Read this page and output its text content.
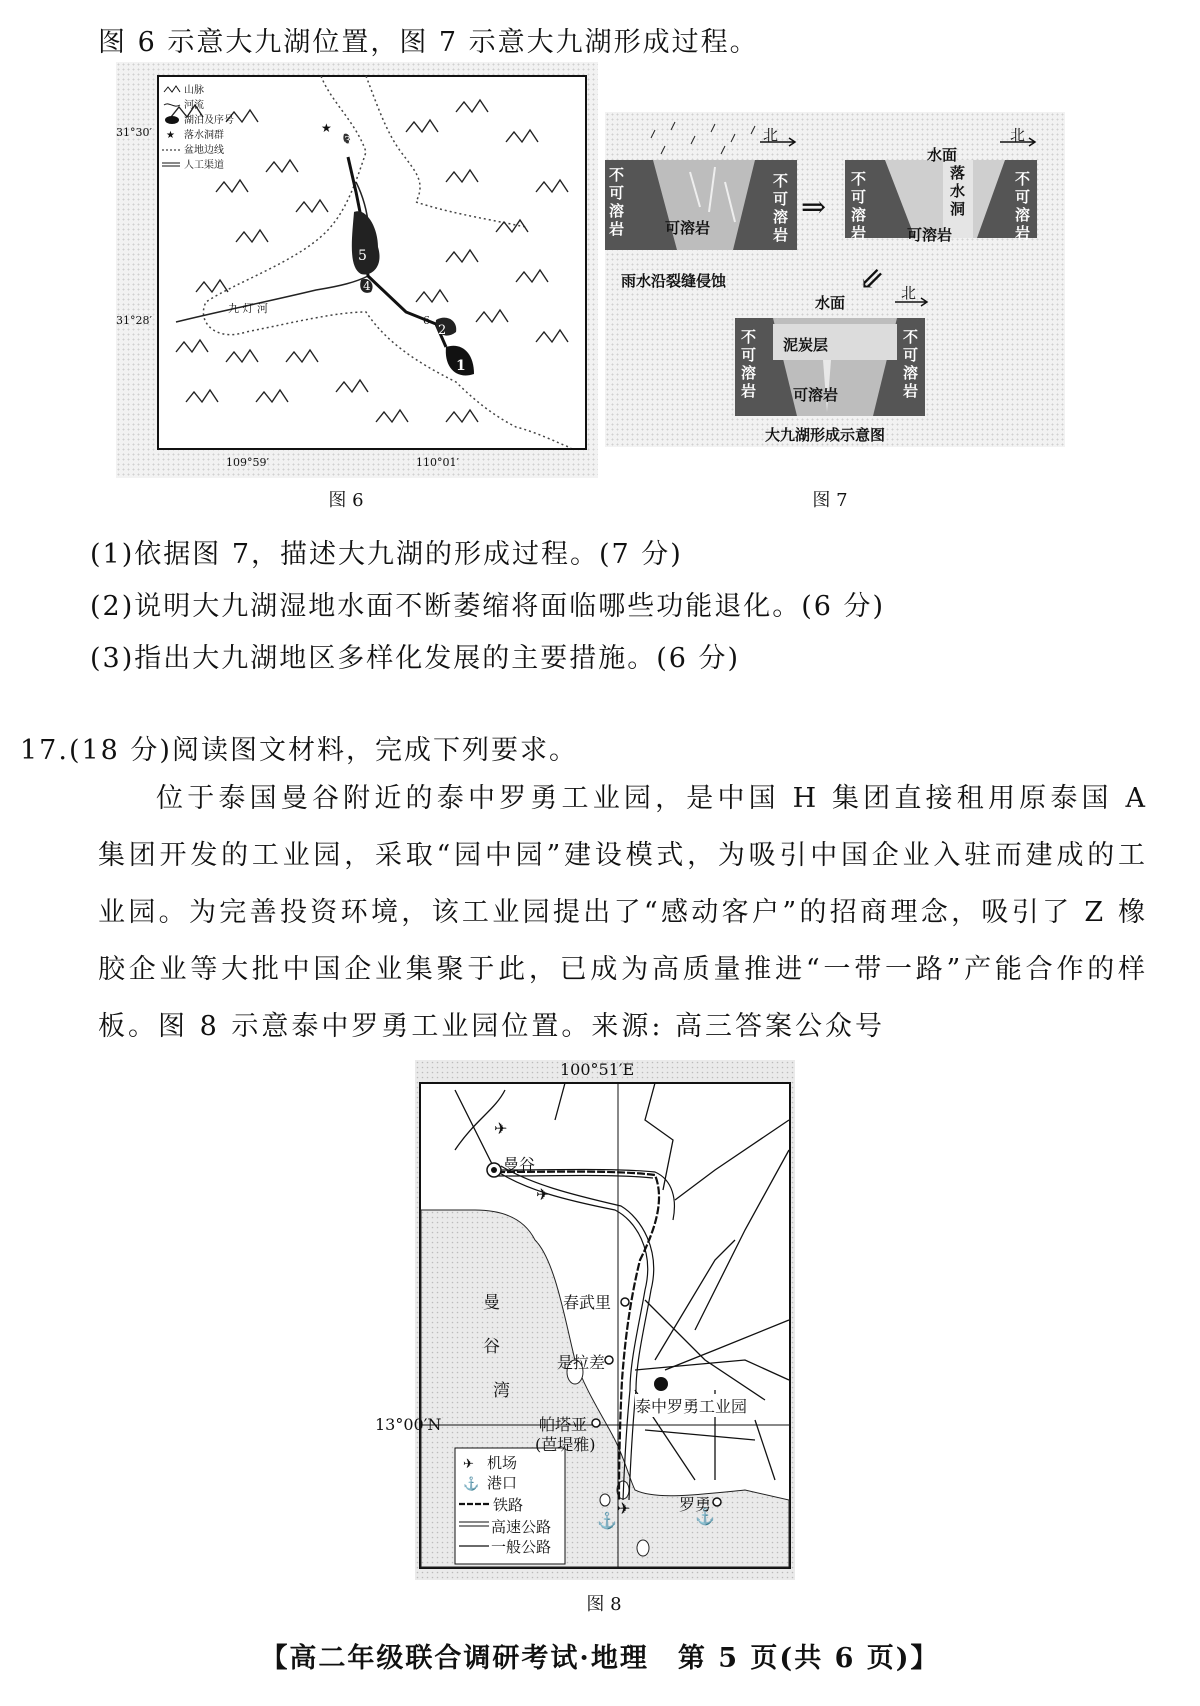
图 6 示意大九湖位置，图 7 示意大九湖形成过程。
1
2
3
4
5
6
★
山脉
河流
湖泊及序号
★ 落水洞群
盆地边线
人工渠道
九 灯 河
31°30′
31°28′
109°59′	110°01′
图 6
北
不可溶岩
不可溶岩
可溶岩
雨水沿裂缝侵蚀
⇒
水面
北
不可溶岩
不可溶岩
落水洞
可溶岩
⇙
水面
北
不可溶岩
不可溶岩
泥炭层
可溶岩
大九湖形成示意图
图 7
(1)依据图 7，描述大九湖的形成过程。(7 分)
(2)说明大九湖湿地水面不断萎缩将面临哪些功能退化。(6 分)
(3)指出大九湖地区多样化发展的主要措施。(6 分)
17.(18 分)阅读图文材料，完成下列要求。
位于泰国曼谷附近的泰中罗勇工业园，是中国 H 集团直接租用原泰国 A 集团开发的工业园，采取“园中园”建设模式，为吸引中国企业入驻而建成的工业园。为完善投资环境，该工业园提出了“感动客户”的招商理念，吸引了 Z 橡胶企业等大批中国企业集聚于此，已成为高质量推进“一带一路”产能合作的样板。图 8 示意泰中罗勇工业园位置。来源: 高三答案公众号
✈
✈
✈
⚓	⚓
✈
⚓
100°51′E
13°00′N
曼谷
春武里
是拉差
泰中罗勇工业园
帕塔亚
(芭堤雅)
罗勇
曼
谷
湾
机场
港口
铁路
高速公路
一般公路
图 8
【高二年级联合调研考试·地理　第 5 页(共 6 页)】
